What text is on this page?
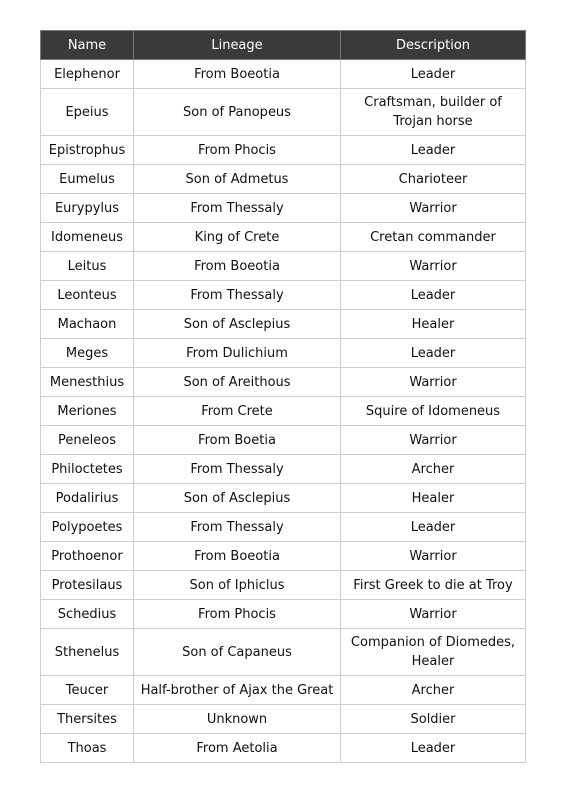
Name	Lineage	Description
Elephenor	From Boeotia	Leader
Epeius	Son of Panopeus	Craftsman, builder of Trojan horse
Epistrophus	From Phocis	Leader
Eumelus	Son of Admetus	Charioteer
Eurypylus	From Thessaly	Warrior
Idomeneus	King of Crete	Cretan commander
Leitus	From Boeotia	Warrior
Leonteus	From Thessaly	Leader
Machaon	Son of Asclepius	Healer
Meges	From Dulichium	Leader
Menesthius	Son of Areithous	Warrior
Meriones	From Crete	Squire of Idomeneus
Peneleos	From Boetia	Warrior
Philoctetes	From Thessaly	Archer
Podalirius	Son of Asclepius	Healer
Polypoetes	From Thessaly	Leader
Prothoenor	From Boeotia	Warrior
Protesilaus	Son of Iphiclus	First Greek to die at Troy
Schedius	From Phocis	Warrior
Sthenelus	Son of Capaneus	Companion of Diomedes, Healer
Teucer	Half-brother of Ajax the Great	Archer
Thersites	Unknown	Soldier
Thoas	From Aetolia	Leader
